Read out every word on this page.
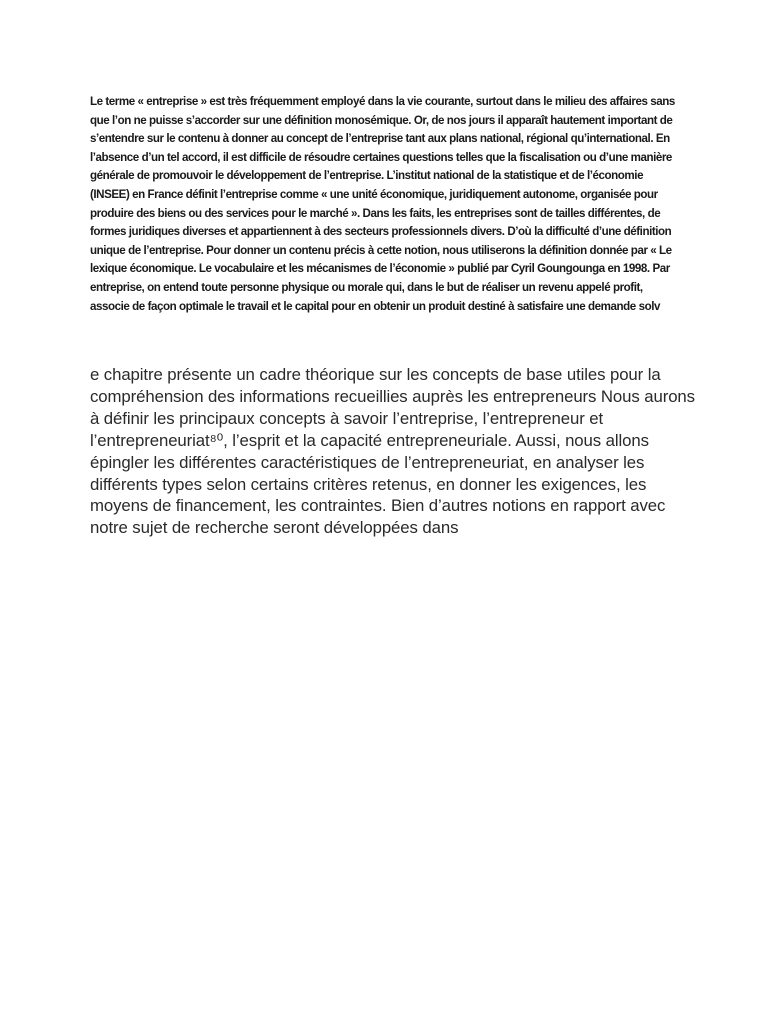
Le terme « entreprise » est très fréquemment employé dans la vie courante, surtout dans le milieu des affaires sans que l’on ne puisse s’accorder sur une définition monosémique. Or, de nos jours il apparaît hautement important de s’entendre sur le contenu à donner au concept de l’entreprise tant aux plans national, régional qu’international. En l’absence d’un tel accord, il est difficile de résoudre certaines questions telles que la fiscalisation ou d’une manière générale de promouvoir le développement de l’entreprise. L’institut national de la statistique et de l’économie (INSEE) en France définit l’entreprise comme « une unité économique, juridiquement autonome, organisée pour produire des biens ou des services pour le marché ». Dans les faits, les entreprises sont de tailles différentes, de formes juridiques diverses et appartiennent à des secteurs professionnels divers. D’où la difficulté d’une définition unique de l’entreprise. Pour donner un contenu précis à cette notion, nous utiliserons la définition donnée par « Le lexique économique. Le vocabulaire et les mécanismes de l’économie » publié par Cyril Goungounga en 1998. Par entreprise, on entend toute personne physique ou morale qui, dans le but de réaliser un revenu appelé profit, associe de façon optimale le travail et le capital pour en obtenir un produit destiné à satisfaire une demande solv

e chapitre présente un cadre théorique sur les concepts de base utiles pour la compréhension des informations recueillies auprès les entrepreneurs Nous aurons à définir les principaux concepts à savoir l’entreprise, l’entrepreneur et l’entrepreneuriat⁸⁰, l’esprit et la capacité entrepreneuriale. Aussi, nous allons épingler les différentes caractéristiques de l’entrepreneuriat, en analyser les différents types selon certains critères retenus, en donner les exigences, les moyens de financement, les contraintes. Bien d’autres notions en rapport avec notre sujet de recherche seront développées dans
